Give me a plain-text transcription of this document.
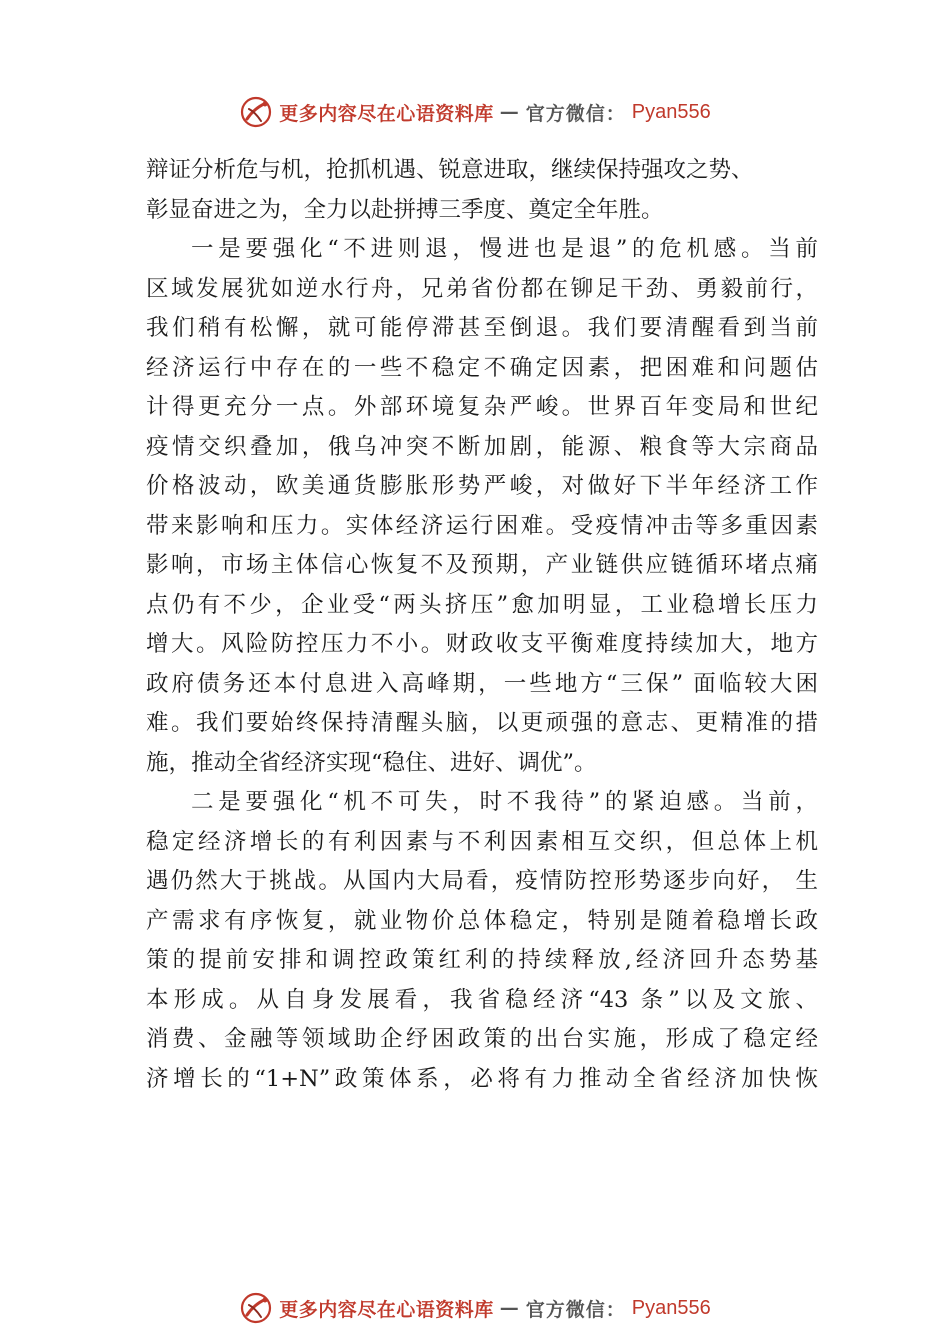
更多内容尽在心语资料库 — 官方微信： Pyan556
辩证分析危与机，抢抓机遇、锐意进取，继续保持强攻之势、
彰显奋进之为，全力以赴拼搏三季度、奠定全年胜。
一是要强化“不进则退，慢进也是退”的危机感。当前
区域发展犹如逆水行舟，兄弟省份都在铆足干劲、勇毅前行，
我们稍有松懈，就可能停滞甚至倒退。我们要清醒看到当前
经济运行中存在的一些不稳定不确定因素，把困难和问题估
计得更充分一点。外部环境复杂严峻。世界百年变局和世纪
疫情交织叠加，俄乌冲突不断加剧，能源、粮食等大宗商品
价格波动，欧美通货膨胀形势严峻，对做好下半年经济工作
带来影响和压力。实体经济运行困难。受疫情冲击等多重因素
影响，市场主体信心恢复不及预期，产业链供应链循环堵点痛
点仍有不少，企业受“两头挤压”愈加明显，工业稳增长压力
增大。风险防控压力不小。财政收支平衡难度持续加大，地方
政府债务还本付息进入高峰期，一些地方“三保” 面临较大困
难。我们要始终保持清醒头脑，以更顽强的意志、更精准的措
施，推动全省经济实现“稳住、进好、调优”。
二是要强化“机不可失，时不我待”的紧迫感。当前，
稳定经济增长的有利因素与不利因素相互交织，但总体上机
遇仍然大于挑战。从国内大局看，疫情防控形势逐步向好， 生
产需求有序恢复，就业物价总体稳定，特别是随着稳增长政
策的提前安排和调控政策红利的持续释放,经济回升态势基
本形成。从自身发展看，我省稳经济“43 条”以及文旅、
消费、金融等领域助企纾困政策的出台实施，形成了稳定经
济增长的“1+N”政策体系，必将有力推动全省经济加快恢
更多内容尽在心语资料库 — 官方微信： Pyan556
